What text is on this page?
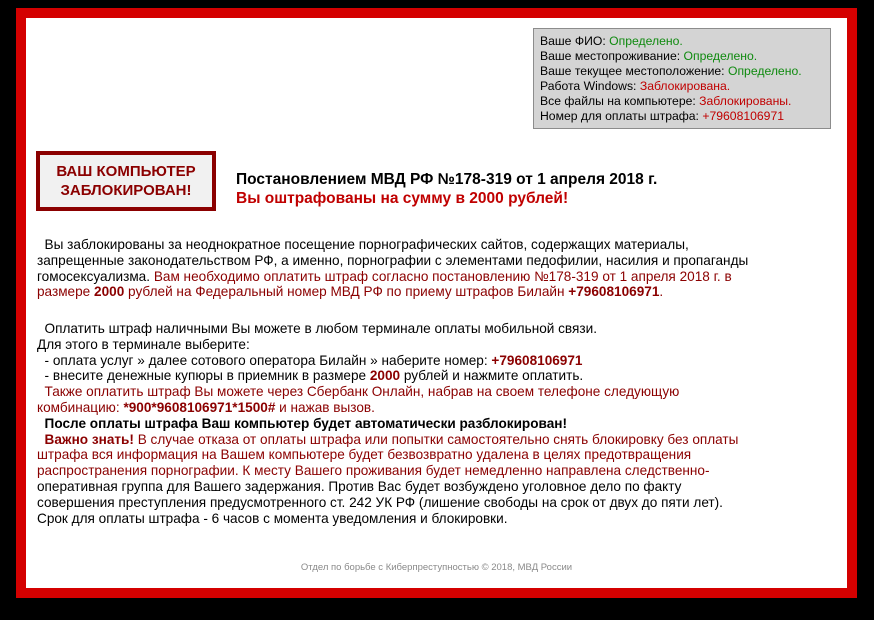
Ваше ФИО: Определено.
Ваше местопроживание: Определено.
Ваше текущее местоположение: Определено.
Работа Windows: Заблокирована.
Все файлы на компьютере: Заблокированы.
Номер для оплаты штрафа: +79608106971
ВАШ КОМПЬЮТЕР
ЗАБЛОКИРОВАН!
Постановлением МВД РФ №178-319 от 1 апреля 2018 г.
Вы оштрафованы на сумму в 2000 рублей!
Вы заблокированы за неоднократное посещение порнографических сайтов, содержащих материалы,
запрещенные законодательством РФ, а именно, порнографии с элементами педофилии, насилия и пропаганды
гомосексуализма. Вам необходимо оплатить штраф согласно постановлению №178-319 от 1 апреля 2018 г. в
размере 2000 рублей на Федеральный номер МВД РФ по приему штрафов Билайн +79608106971.
Оплатить штраф наличными Вы можете в любом терминале оплаты мобильной связи.
Для этого в терминале выберите:
- оплата услуг » далее сотового оператора Билайн » наберите номер: +79608106971
- внесите денежные купюры в приемник в размере 2000 рублей и нажмите оплатить.
Также оплатить штраф Вы можете через Сбербанк Онлайн, набрав на своем телефоне следующую
комбинацию: *900*9608106971*1500# и нажав вызов.
После оплаты штрафа Ваш компьютер будет автоматически разблокирован!
Важно знать! В случае отказа от оплаты штрафа или попытки самостоятельно снять блокировку без оплаты
штрафа вся информация на Вашем компьютере будет безвозвратно удалена в целях предотвращения
распространения порнографии. К месту Вашего проживания будет немедленно направлена следственно-
оперативная группа для Вашего задержания. Против Вас будет возбуждено уголовное дело по факту
совершения преступления предусмотренного ст. 242 УК РФ (лишение свободы на срок от двух до пяти лет).
Срок для оплаты штрафа - 6 часов с момента уведомления и блокировки.
Отдел по борьбе с Киберпреступностью © 2018, МВД России
